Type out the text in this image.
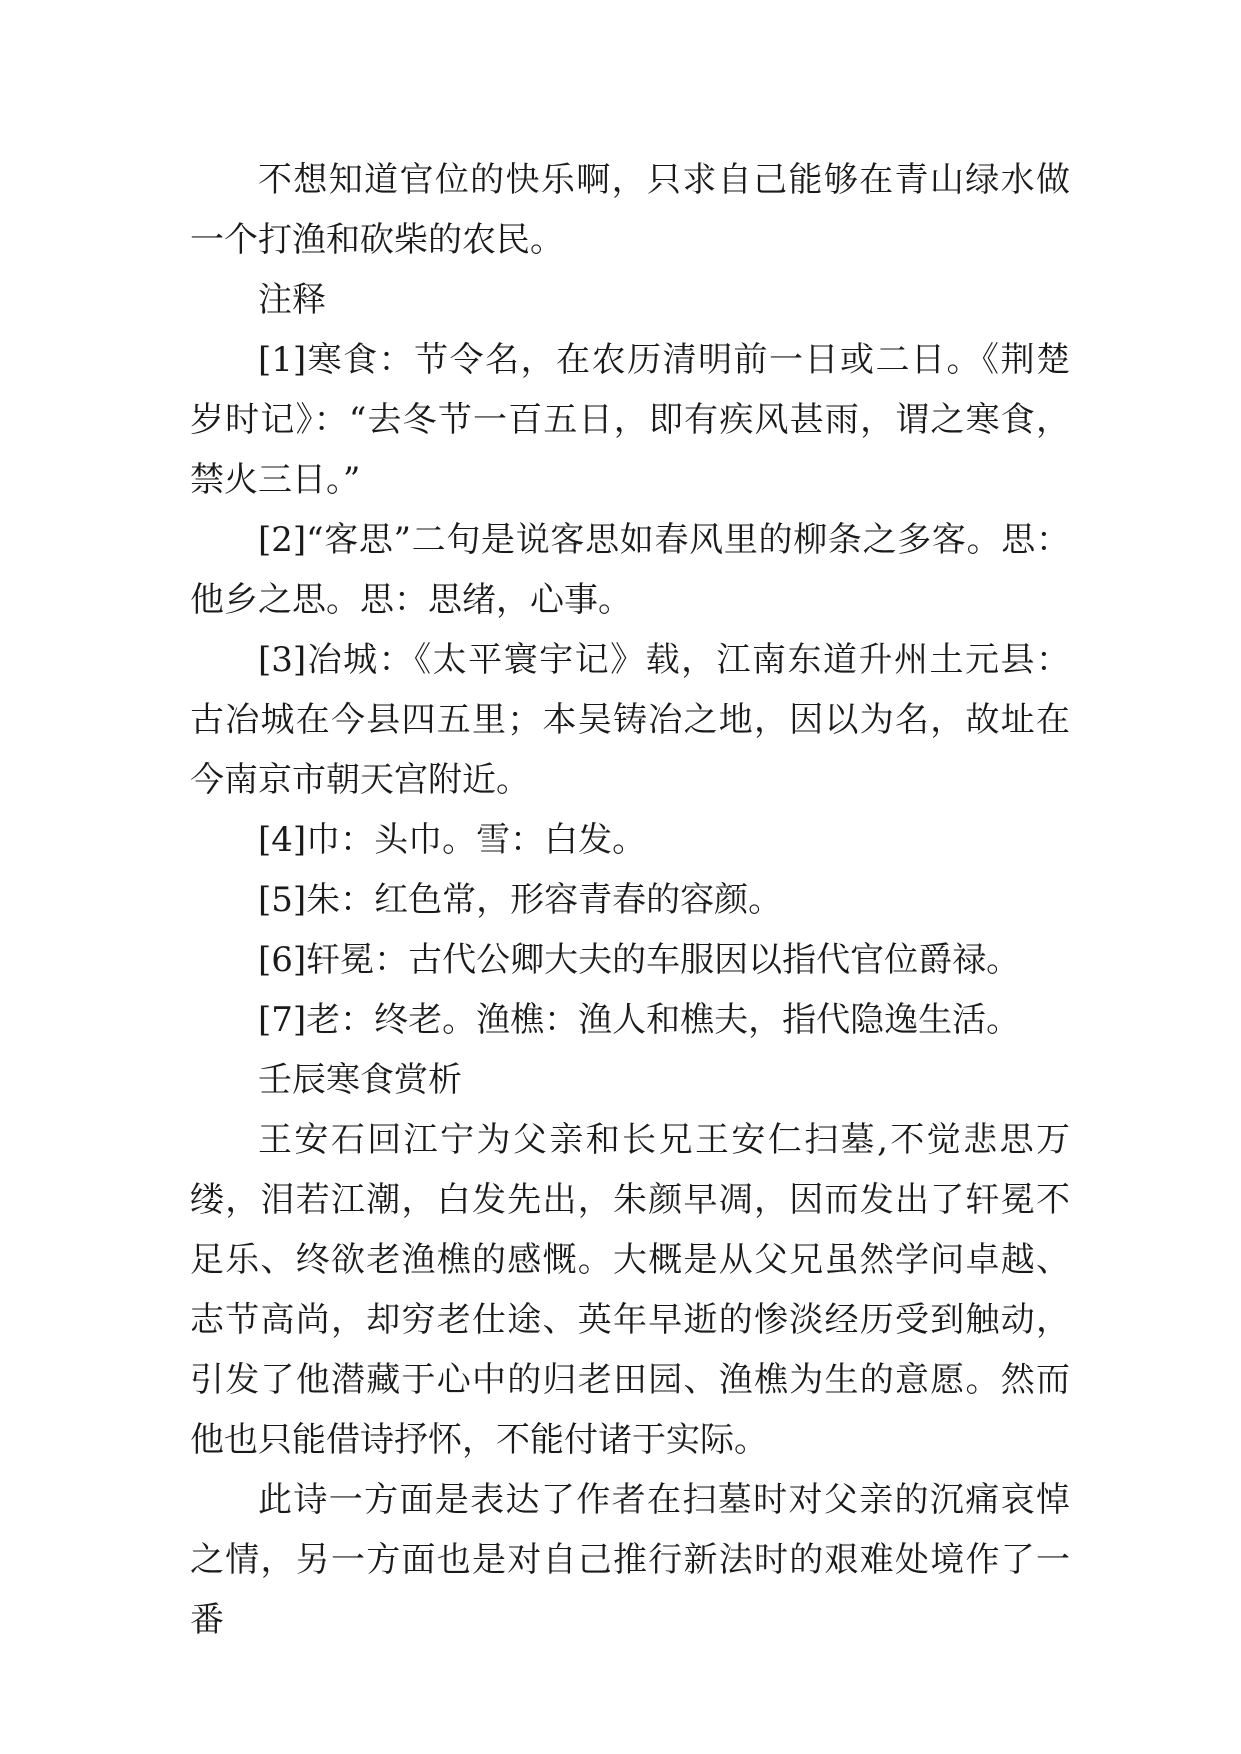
不想知道官位的快乐啊，只求自己能够在青山绿水做一个打渔和砍柴的农民。

注释

[1]寒食：节令名，在农历清明前一日或二日。《荆楚岁时记》：“去冬节一百五日，即有疾风甚雨，谓之寒食，禁火三日。”

[2]“客思”二句是说客思如春风里的柳条之多客。思：他乡之思。思：思绪，心事。

[3]冶城：《太平寰宇记》载，江南东道升州土元县：古冶城在今县四五里；本吴铸冶之地，因以为名，故址在今南京市朝天宫附近。

[4]巾：头巾。雪：白发。

[5]朱：红色常，形容青春的容颜。

[6]轩冕：古代公卿大夫的车服因以指代官位爵禄。

[7]老：终老。渔樵：渔人和樵夫，指代隐逸生活。

壬辰寒食赏析

王安石回江宁为父亲和长兄王安仁扫墓,不觉悲思万缕，泪若江潮，白发先出，朱颜早凋，因而发出了轩冕不足乐、终欲老渔樵的感慨。大概是从父兄虽然学问卓越、志节高尚，却穷老仕途、英年早逝的惨淡经历受到触动，引发了他潜藏于心中的归老田园、渔樵为生的意愿。然而他也只能借诗抒怀，不能付诸于实际。

此诗一方面是表达了作者在扫墓时对父亲的沉痛哀悼之情，另一方面也是对自己推行新法时的艰难处境作了一番
